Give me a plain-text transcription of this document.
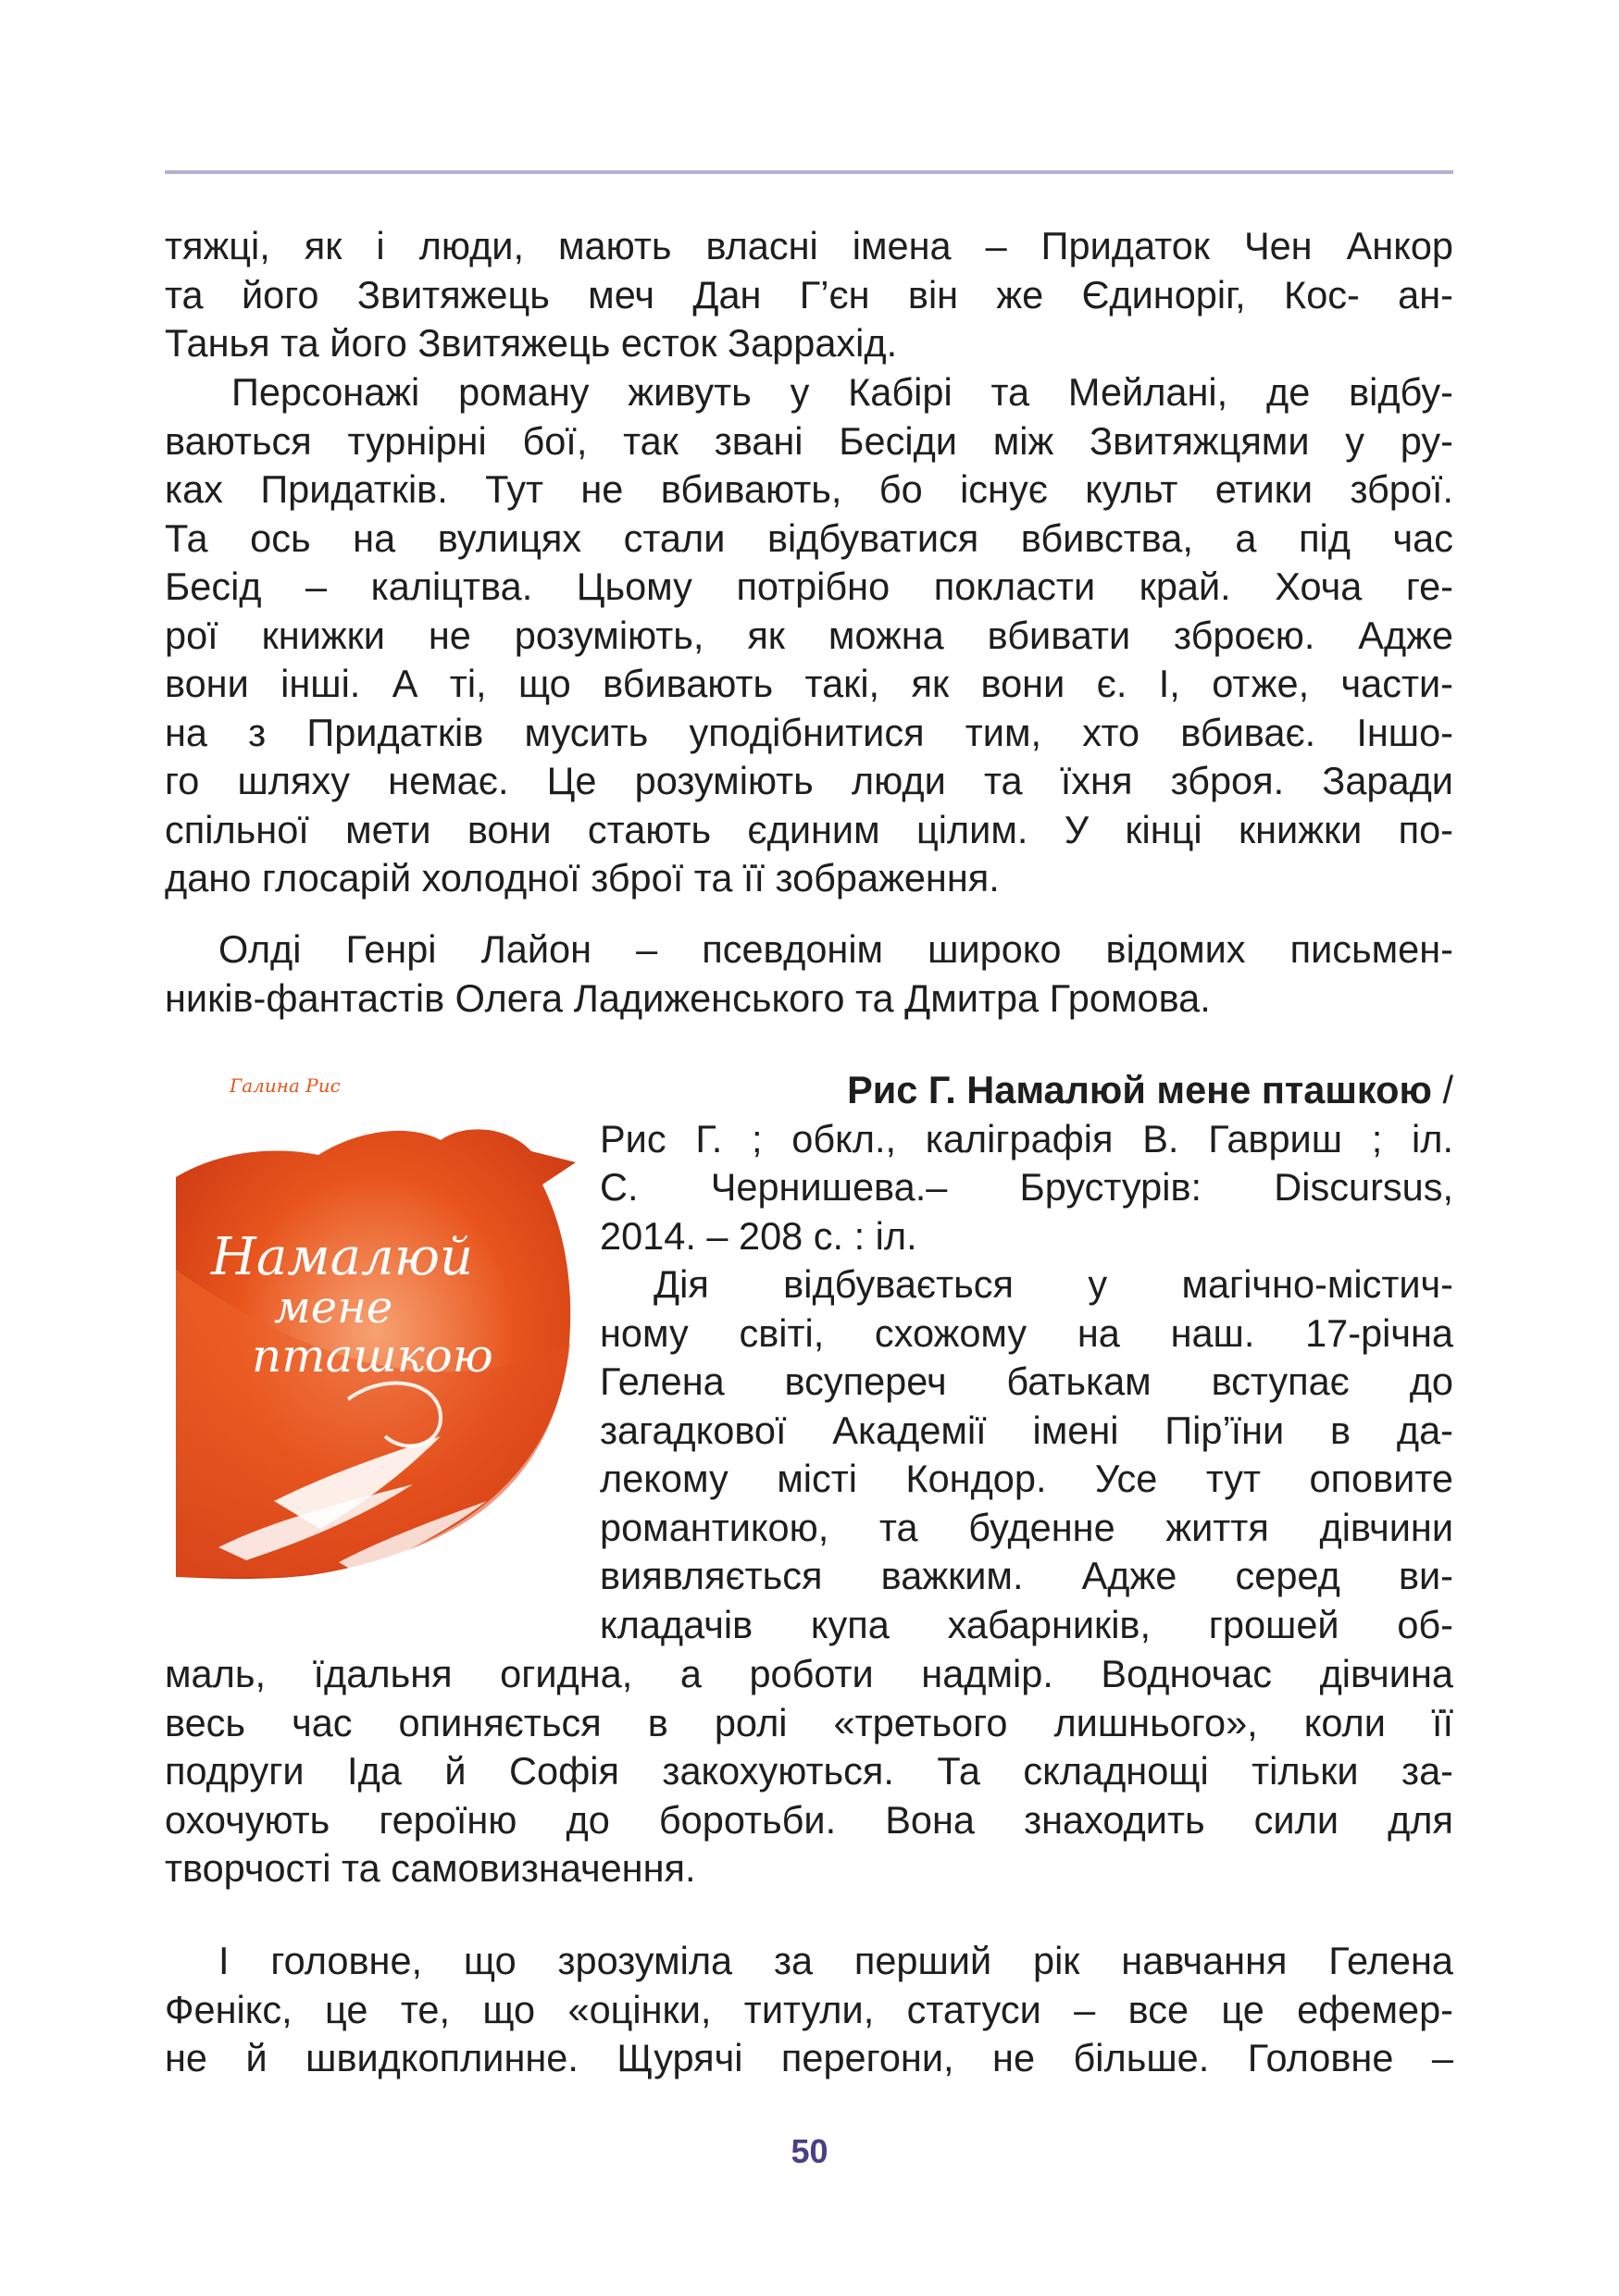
тяжці, як і люди, мають власні імена – Придаток Чен Анкор
та його Звитяжець меч Дан Г’єн він же Єдиноріг, Кос- ан-
Танья та його Звитяжець есток Заррахід.
Персонажі роману живуть у Кабірі та Мейлані, де відбу-
ваються турнірні бої, так звані Бесіди між Звитяжцями у ру-
ках Придатків. Тут не вбивають, бо існує культ етики зброї.
Та ось на вулицях стали відбуватися вбивства, а під час
Бесід – каліцтва. Цьому потрібно покласти край. Хоча ге-
рої книжки не розуміють, як можна вбивати зброєю. Адже
вони інші. А ті, що вбивають такі, як вони є. І, отже, части-
на з Придатків мусить уподібнитися тим, хто вбиває. Іншо-
го шляху немає. Це розуміють люди та їхня зброя. Заради
спільної мети вони стають єдиним цілим. У кінці книжки по-
дано глосарій холодної зброї та її зображення.
Олді Генрі Лайон – псевдонім широко відомих письмен-
ників-фантастів Олега Ладиженського та Дмитра Громова.
Галина Рис
Намалюй
мене
пташкою
Рис Г. Намалюй мене пташкою /
Рис Г. ; обкл., каліграфія В. Гавриш ; іл.
С. Чернишева.– Брустурів: Discursus,
2014. – 208 с. : іл.
Дія відбувається у магічно-містич-
ному світі, схожому на наш. 17-річна
Гелена всупереч батькам вступає до
загадкової Академії імені Пір’їни в да-
лекому місті Кондор. Усе тут оповите
романтикою, та буденне життя дівчини
виявляється важким. Адже серед ви-
кладачів купа хабарників, грошей об-
маль, їдальня огидна, а роботи надмір. Водночас дівчина
весь час опиняється в ролі «третього лишнього», коли її
подруги Іда й Софія закохуються. Та складнощі тільки за-
охочують героїню до боротьби. Вона знаходить сили для
творчості та самовизначення.
І головне, що зрозуміла за перший рік навчання Гелена
Фенікс, це те, що «оцінки, титули, статуси – все це ефемер-
не й швидкоплинне. Щурячі перегони, не більше. Головне –
50
